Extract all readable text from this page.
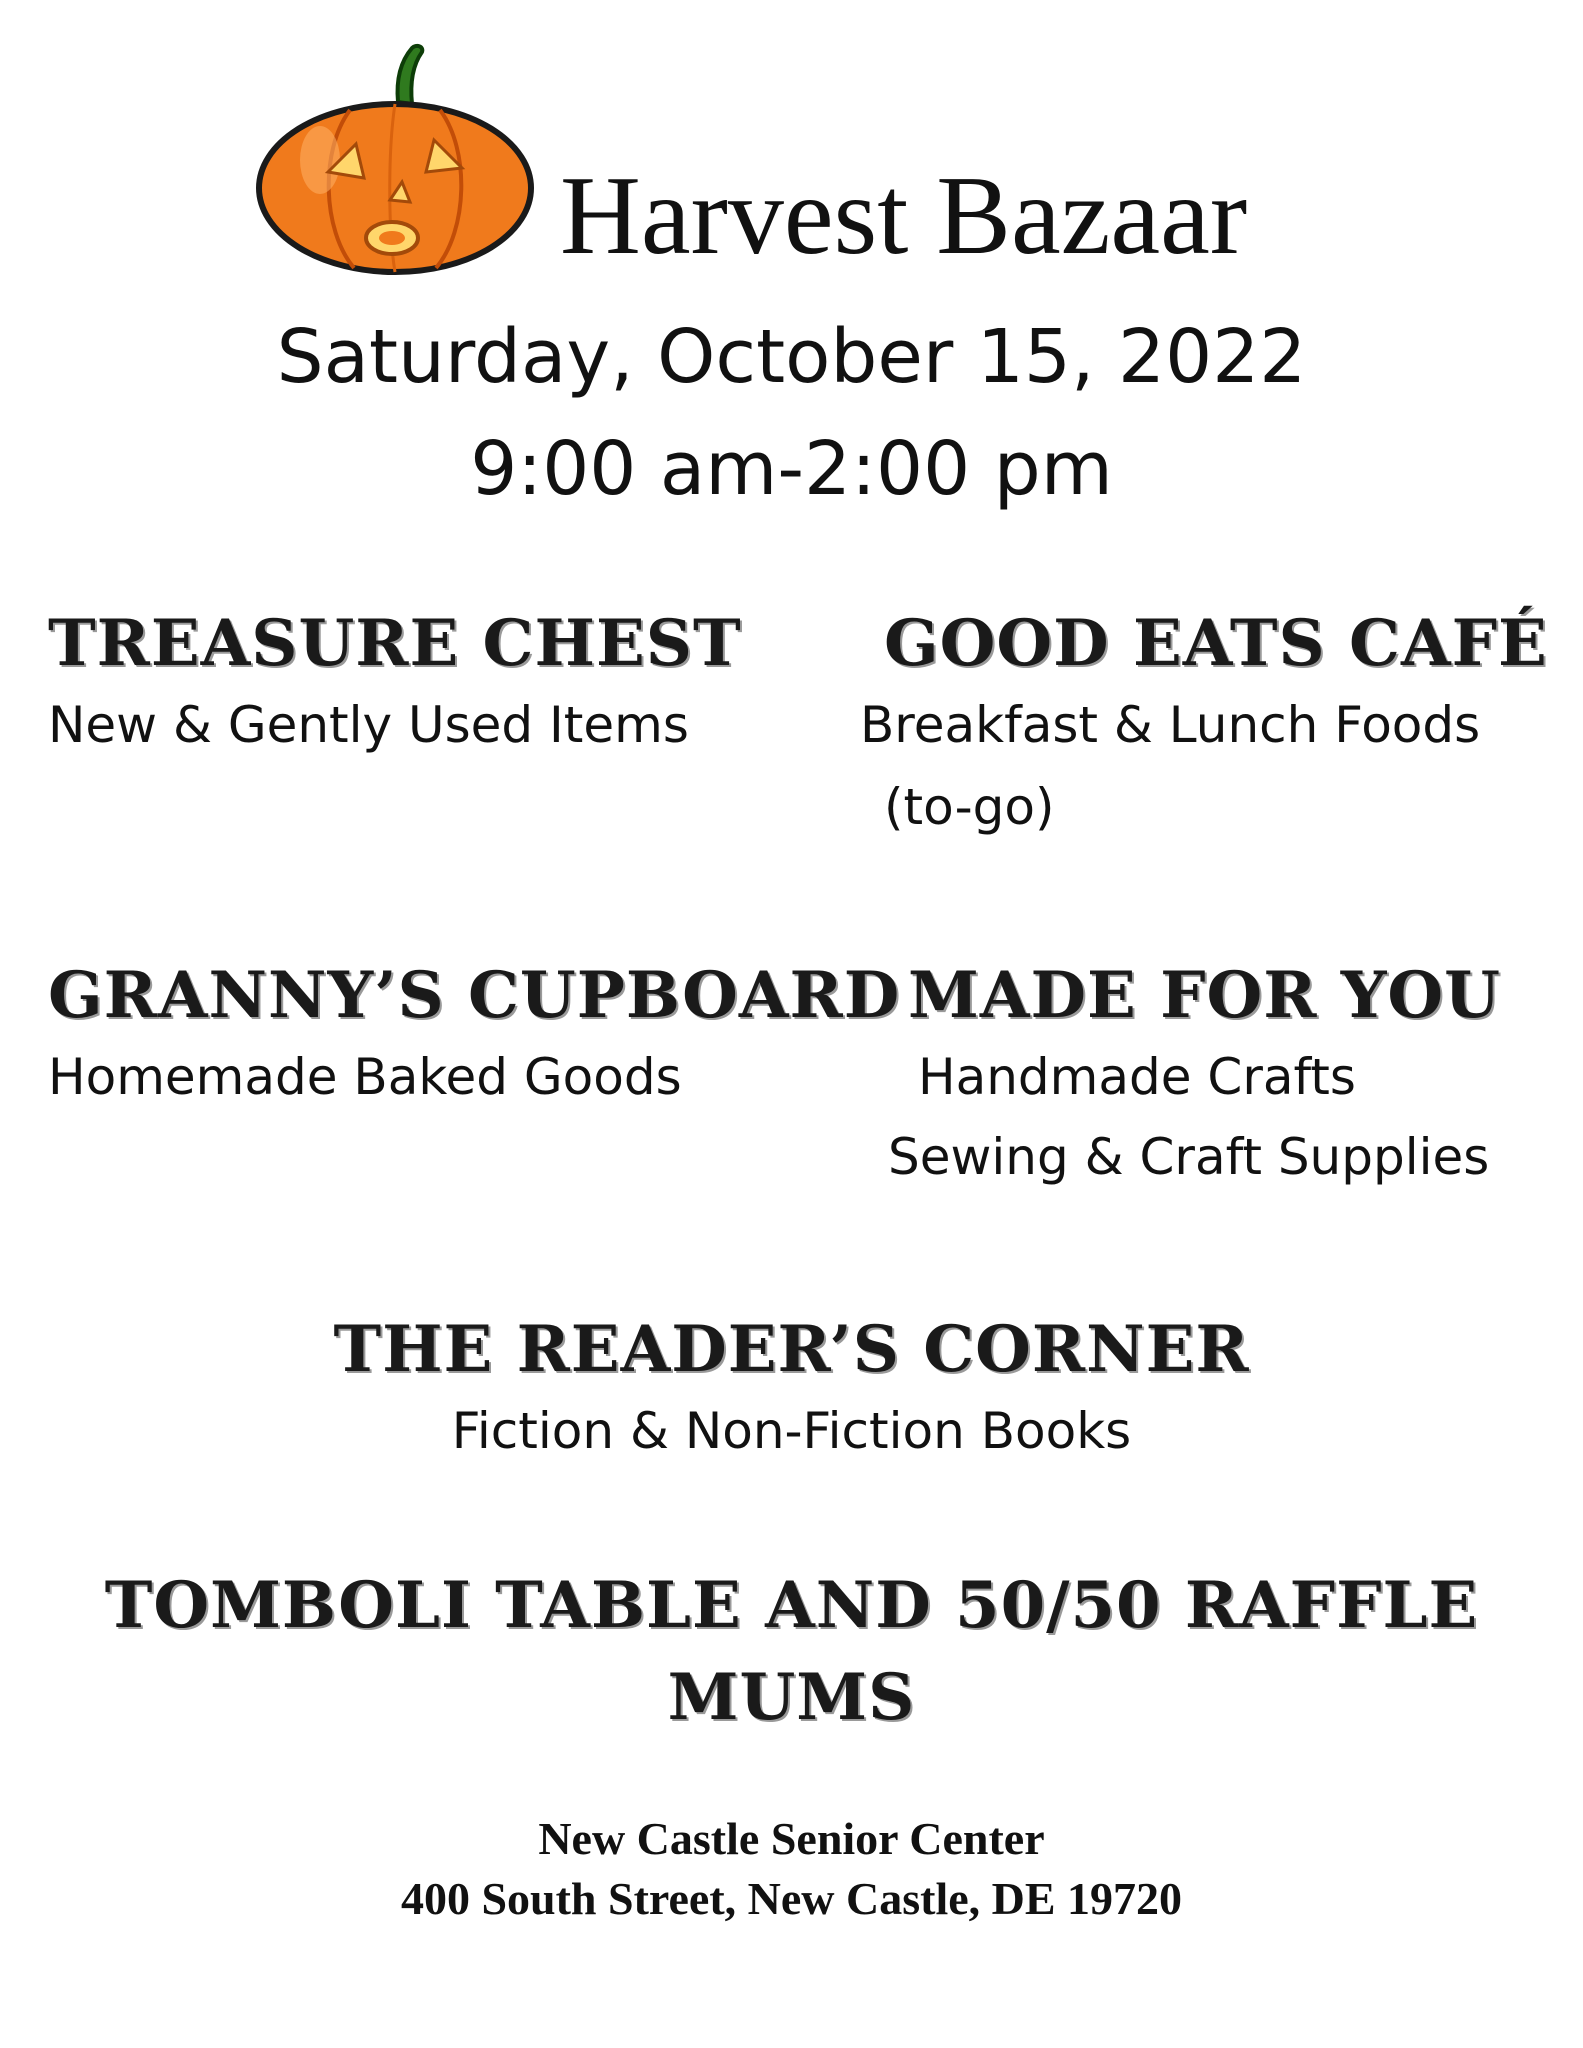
Harvest Bazaar
Saturday, October 15, 2022
9:00 am-2:00 pm
TREASURE CHEST
New & Gently Used Items
GOOD EATS CAFÉ
Breakfast & Lunch Foods
(to-go)
GRANNY’S CUPBOARD
Homemade Baked Goods
MADE FOR YOU
Handmade Crafts
Sewing & Craft Supplies
THE READER’S CORNER
Fiction & Non-Fiction Books
TOMBOLI TABLE AND 50/50 RAFFLE
MUMS
New Castle Senior Center
400 South Street, New Castle, DE 19720
